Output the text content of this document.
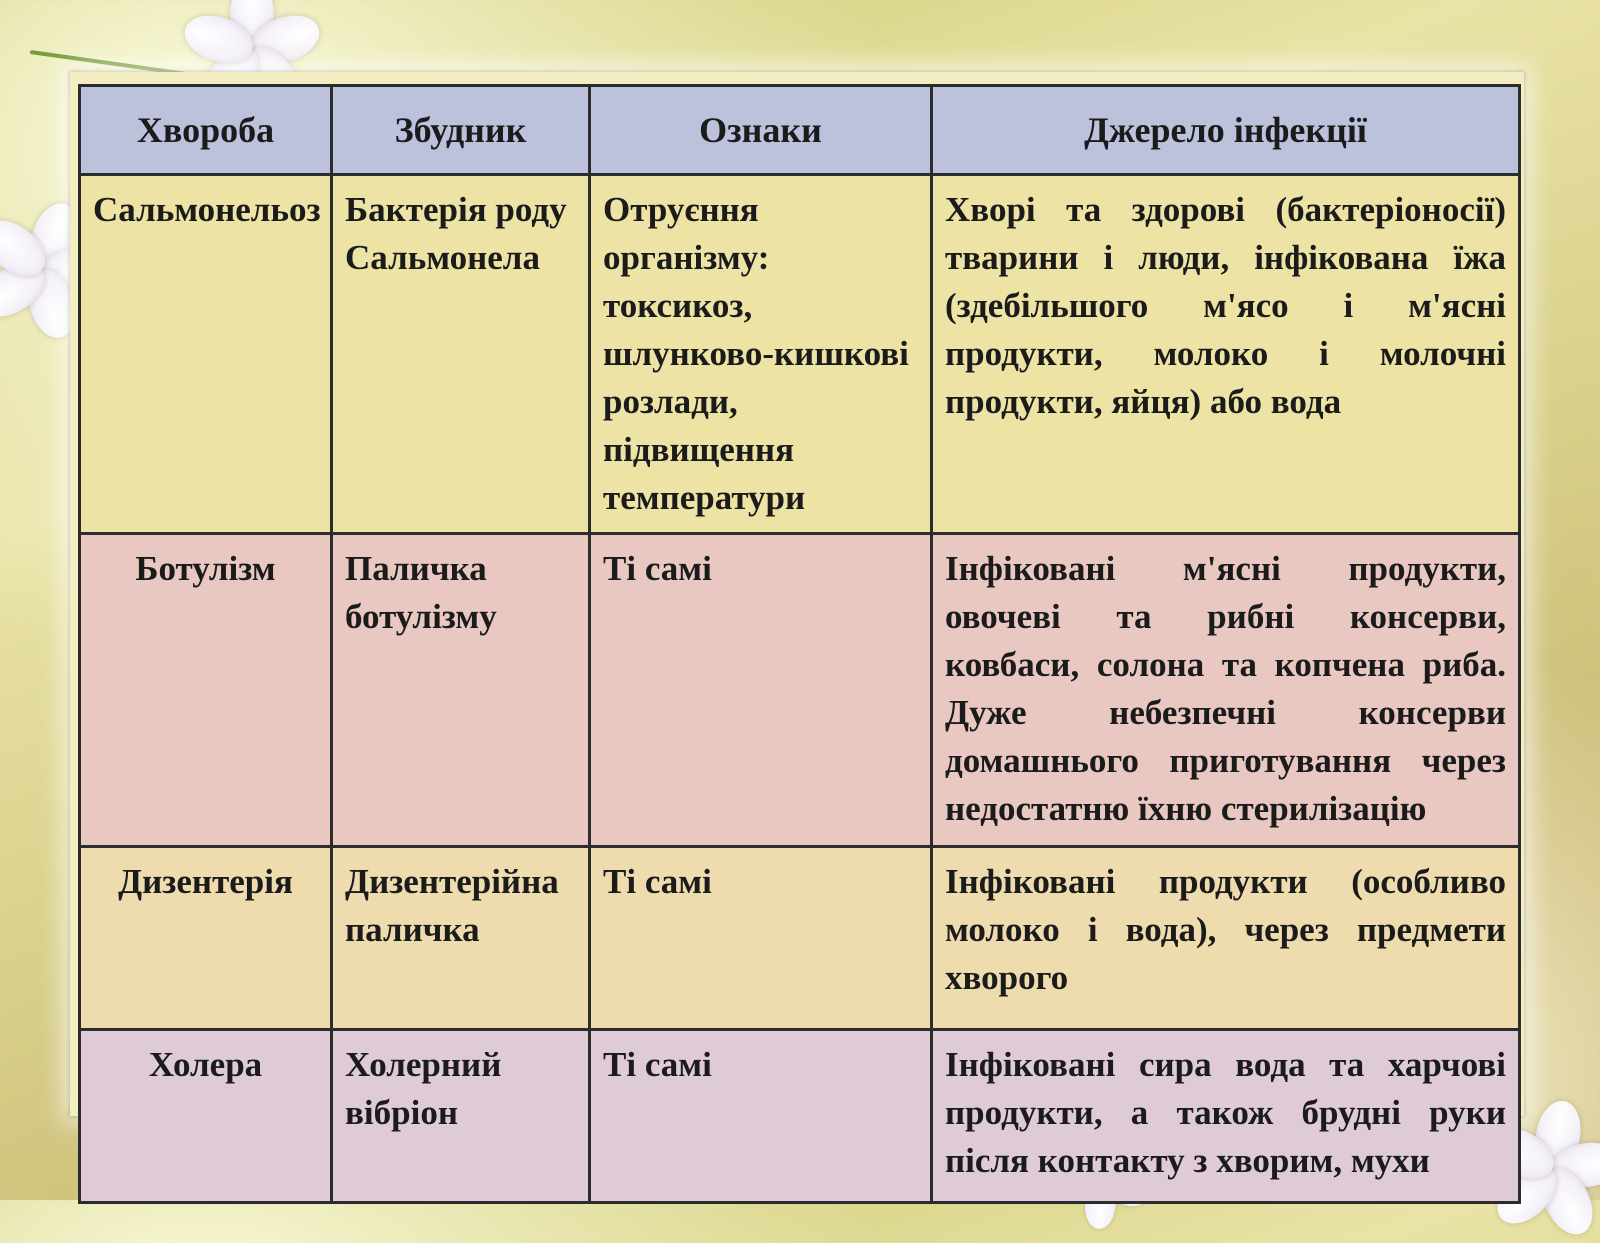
Хвороба	Збудник	Ознаки	Джерело інфекції
Сальмонельоз	Бактерія роду Сальмонела	Отруєння організму: токсикоз, шлунково-кишкові розлади, підвищення температури	Хворі та здорові (бактеріоносії) тварини і люди, інфікована їжа (здебільшого м'ясо і м'ясні продукти, молоко і молочні продукти, яйця) або вода
Ботулізм	Паличка ботулізму	Ті самі	Інфіковані м'ясні продукти, овочеві та рибні консерви, ковбаси, солона та копчена риба. Дуже небезпечні консерви домашнього приготування через недостатню їхню стерилізацію
Дизентерія	Дизентерійна паличка	Ті самі	Інфіковані продукти (особливо молоко і вода), через предмети хворого
Холера	Холерний вібріон	Ті самі	Інфіковані сира вода та харчові продукти, а також брудні руки після контакту з хворим, мухи
